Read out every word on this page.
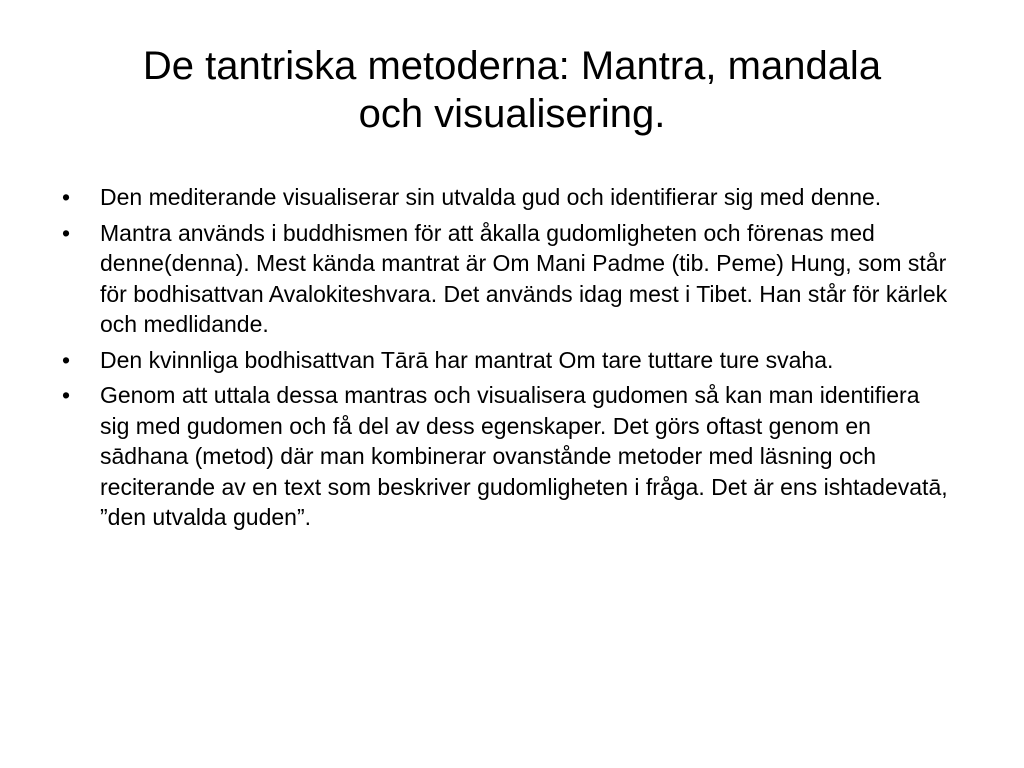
De tantriska metoderna: Mantra, mandala
och visualisering.
•	Den mediterande visualiserar sin utvalda gud och identifierar sig med denne.
•	Mantra används i buddhismen för att åkalla gudomligheten och förenas med denne(denna). Mest kända mantrat är Om Mani Padme (tib. Peme) Hung, som står för bodhisattvan Avalokiteshvara. Det används idag mest i Tibet. Han står för kärlek och medlidande.
•	Den kvinnliga bodhisattvan Tārā har mantrat Om tare tuttare ture svaha.
•	Genom att uttala dessa mantras och visualisera gudomen så kan man identifiera sig med gudomen och få del av dess egenskaper. Det görs oftast genom en sādhana (metod) där man kombinerar ovanstånde metoder med läsning och reciterande av en text som beskriver gudomligheten i fråga. Det är ens ishtadevatā, ”den utvalda guden”.
